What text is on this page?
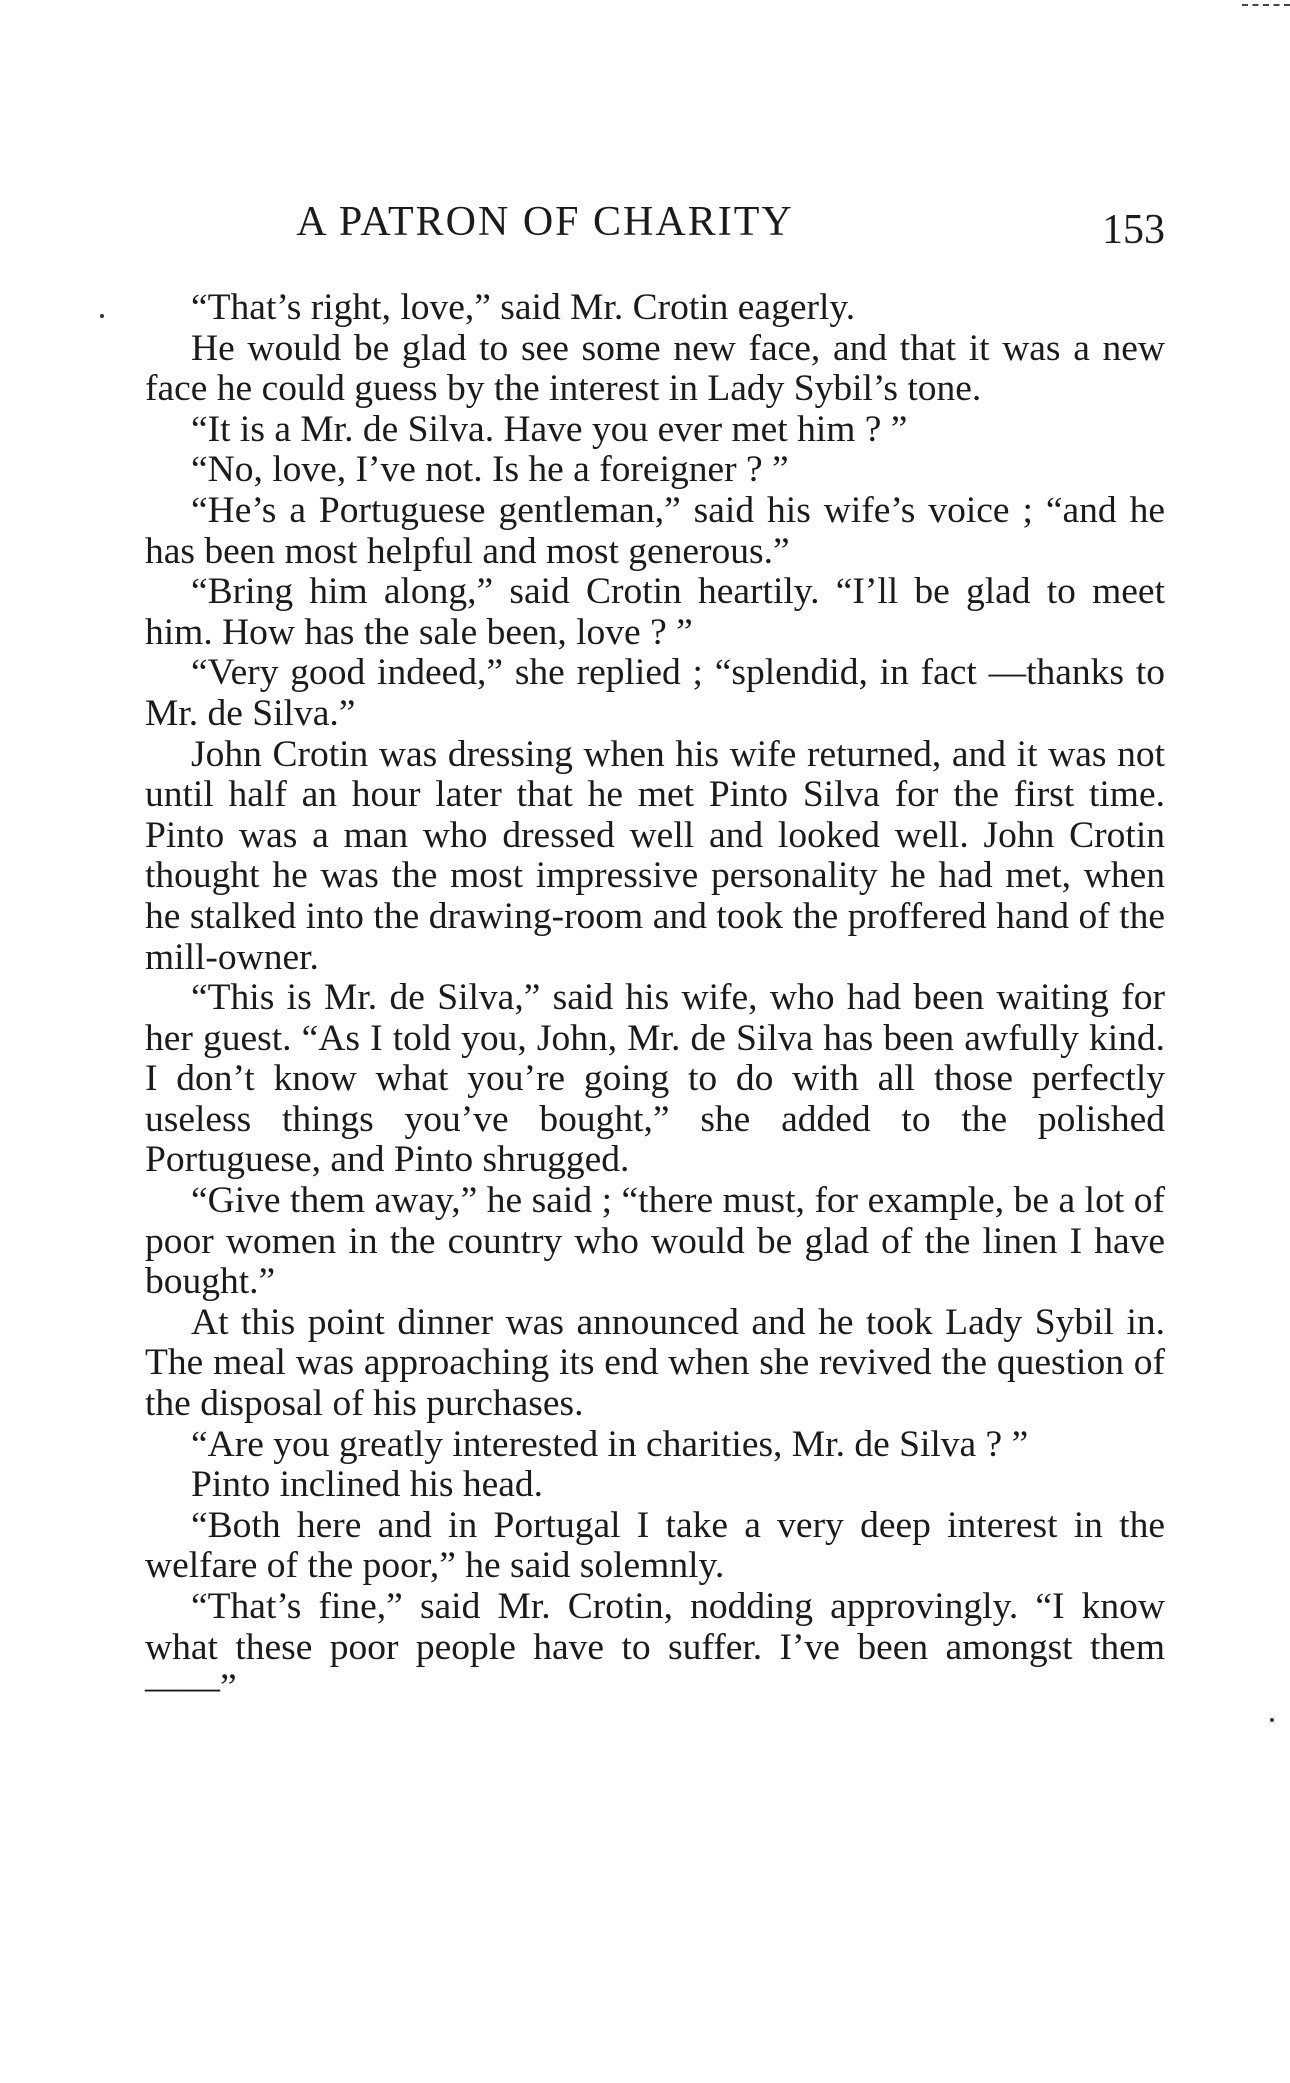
A PATRON OF CHARITY	153

“That’s right, love,” said Mr. Crotin eagerly.

He would be glad to see some new face, and that it was a new face he could guess by the interest in Lady Sybil’s tone.

“It is a Mr. de Silva. Have you ever met him ? ”

“No, love, I’ve not. Is he a foreigner ? ”

“He’s a Portuguese gentleman,” said his wife’s voice ; “and he has been most helpful and most generous.”

“Bring him along,” said Crotin heartily. “I’ll be glad to meet him. How has the sale been, love ? ”

“Very good indeed,” she replied ; “splendid, in fact —thanks to Mr. de Silva.”

John Crotin was dressing when his wife returned, and it was not until half an hour later that he met Pinto Silva for the first time. Pinto was a man who dressed well and looked well. John Crotin thought he was the most impressive personality he had met, when he stalked into the drawing-room and took the proffered hand of the mill-owner.

“This is Mr. de Silva,” said his wife, who had been waiting for her guest. “As I told you, John, Mr. de Silva has been awfully kind. I don’t know what you’re going to do with all those perfectly useless things you’ve bought,” she added to the polished Portuguese, and Pinto shrugged.

“Give them away,” he said ; “there must, for example, be a lot of poor women in the country who would be glad of the linen I have bought.”

At this point dinner was announced and he took Lady Sybil in. The meal was approaching its end when she revived the question of the disposal of his purchases.

“Are you greatly interested in charities, Mr. de Silva ? ”

Pinto inclined his head.

“Both here and in Portugal I take a very deep interest in the welfare of the poor,” he said solemnly.

“That’s fine,” said Mr. Crotin, nodding approvingly. “I know what these poor people have to suffer. I’ve been amongst them——”
